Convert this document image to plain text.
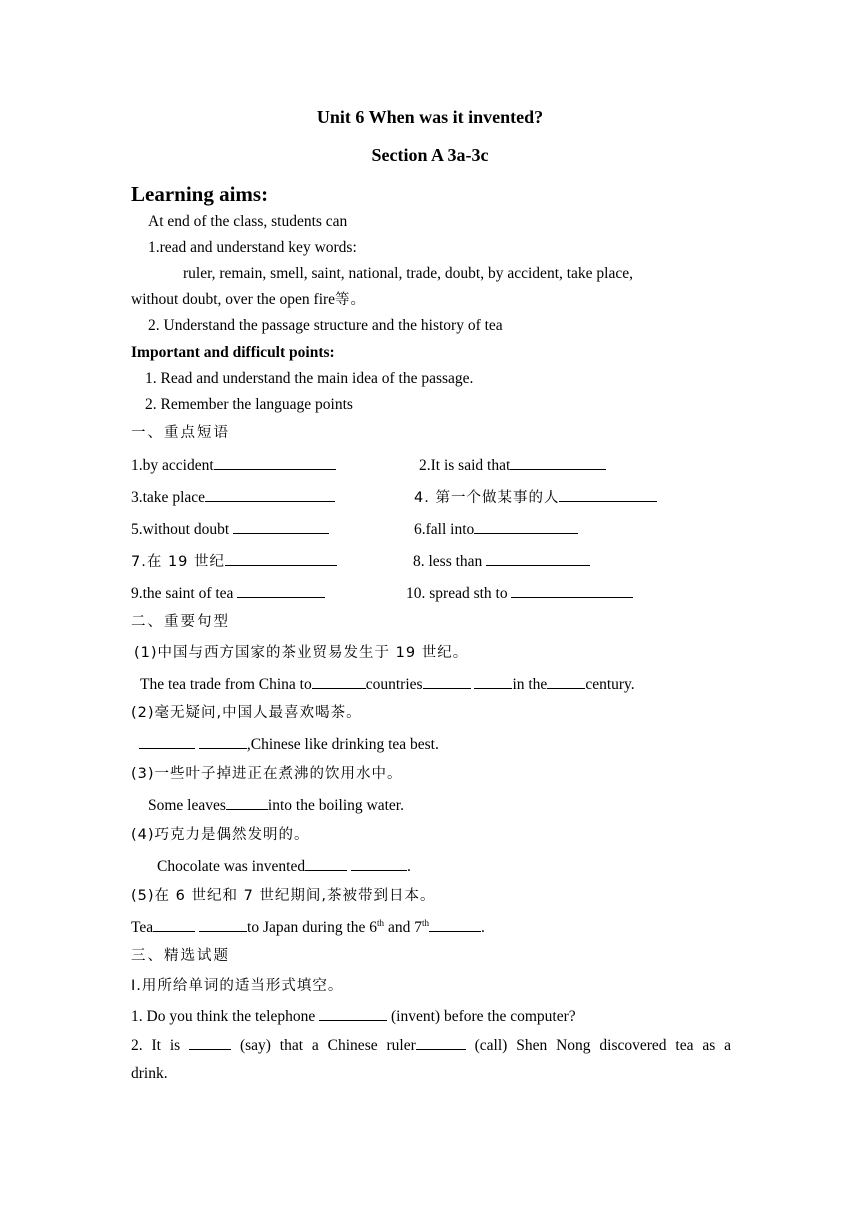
Unit 6 When was it invented?
Section A 3a-3c
Learning aims:
At end of the class, students can
1.read and understand key words:
ruler, remain, smell, saint, national, trade, doubt, by accident, take place,
without doubt, over the open fire等。
2. Understand the passage structure and the history of tea
Important and difficult points:
1. Read and understand the main idea of the passage.
2. Remember the language points
一、重点短语
1.by accident	2.It is said that
3.take place	4. 第一个做某事的人
5.without doubt	6.fall into
7.在 19 世纪	8. less than
9.the saint of tea	10. spread sth to
二、重要句型
(1)中国与西方国家的茶业贸易发生于 19 世纪。
The tea trade from China to	countries	in the century.
(2)毫无疑问,中国人最喜欢喝茶。
,Chinese like drinking tea best.
(3)一些叶子掉进正在煮沸的饮用水中。
Some leaves	into the boiling water.
(4)巧克力是偶然发明的。
Chocolate was invented	.
(5)在 6 世纪和 7 世纪期间,茶被带到日本。
Tea	to Japan during the 6th and 7th	.
三、精选试题
Ⅰ.用所给单词的适当形式填空。
1. Do you think the telephone	(invent) before the computer?
2. It is	(say) that a Chinese ruler	(call) Shen Nong discovered tea as a
drink.
